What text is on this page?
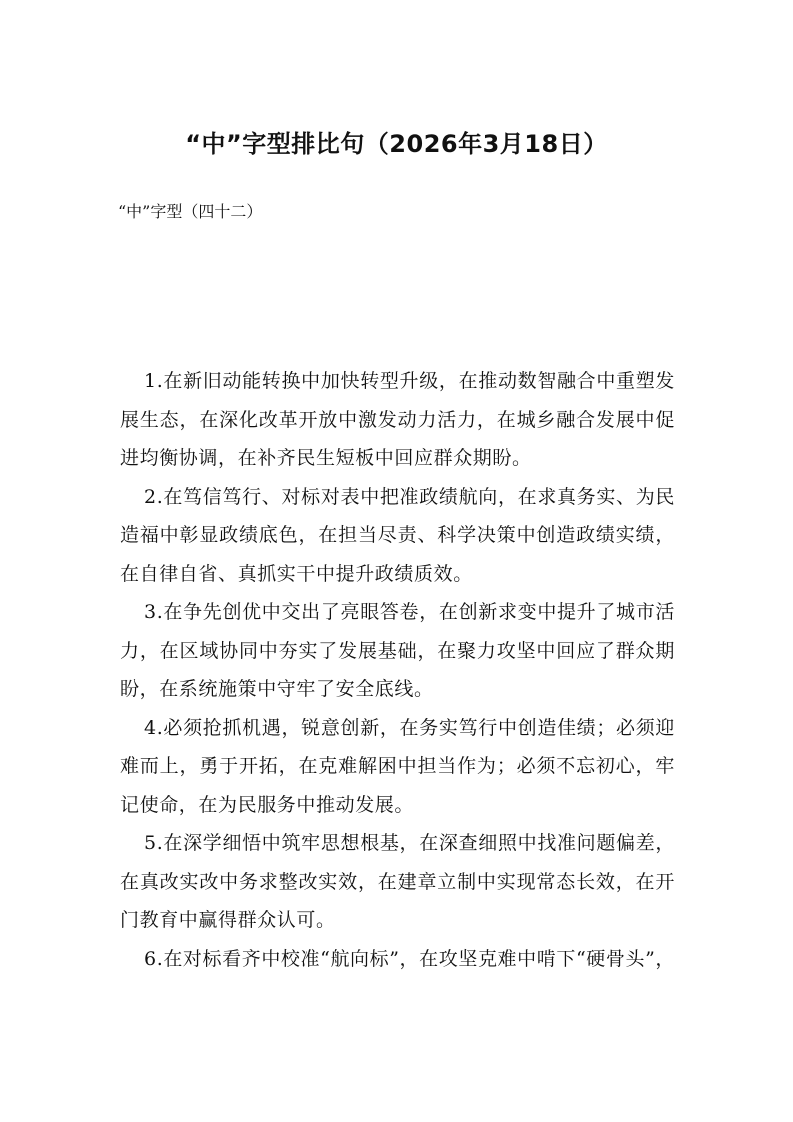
“中”字型排比句（2026年3月18日）
“中”字型（四十二）

1.在新旧动能转换中加快转型升级，在推动数智融合中重塑发展生态，在深化改革开放中激发动力活力，在城乡融合发展中促进均衡协调，在补齐民生短板中回应群众期盼。

2.在笃信笃行、对标对表中把准政绩航向，在求真务实、为民造福中彰显政绩底色，在担当尽责、科学决策中创造政绩实绩，在自律自省、真抓实干中提升政绩质效。

3.在争先创优中交出了亮眼答卷，在创新求变中提升了城市活力，在区域协同中夯实了发展基础，在聚力攻坚中回应了群众期盼，在系统施策中守牢了安全底线。

4.必须抢抓机遇，锐意创新，在务实笃行中创造佳绩；必须迎难而上，勇于开拓，在克难解困中担当作为；必须不忘初心，牢记使命，在为民服务中推动发展。

5.在深学细悟中筑牢思想根基，在深查细照中找准问题偏差，在真改实改中务求整改实效，在建章立制中实现常态长效，在开门教育中赢得群众认可。

6.在对标看齐中校准“航向标”，在攻坚克难中啃下“硬骨头”，
